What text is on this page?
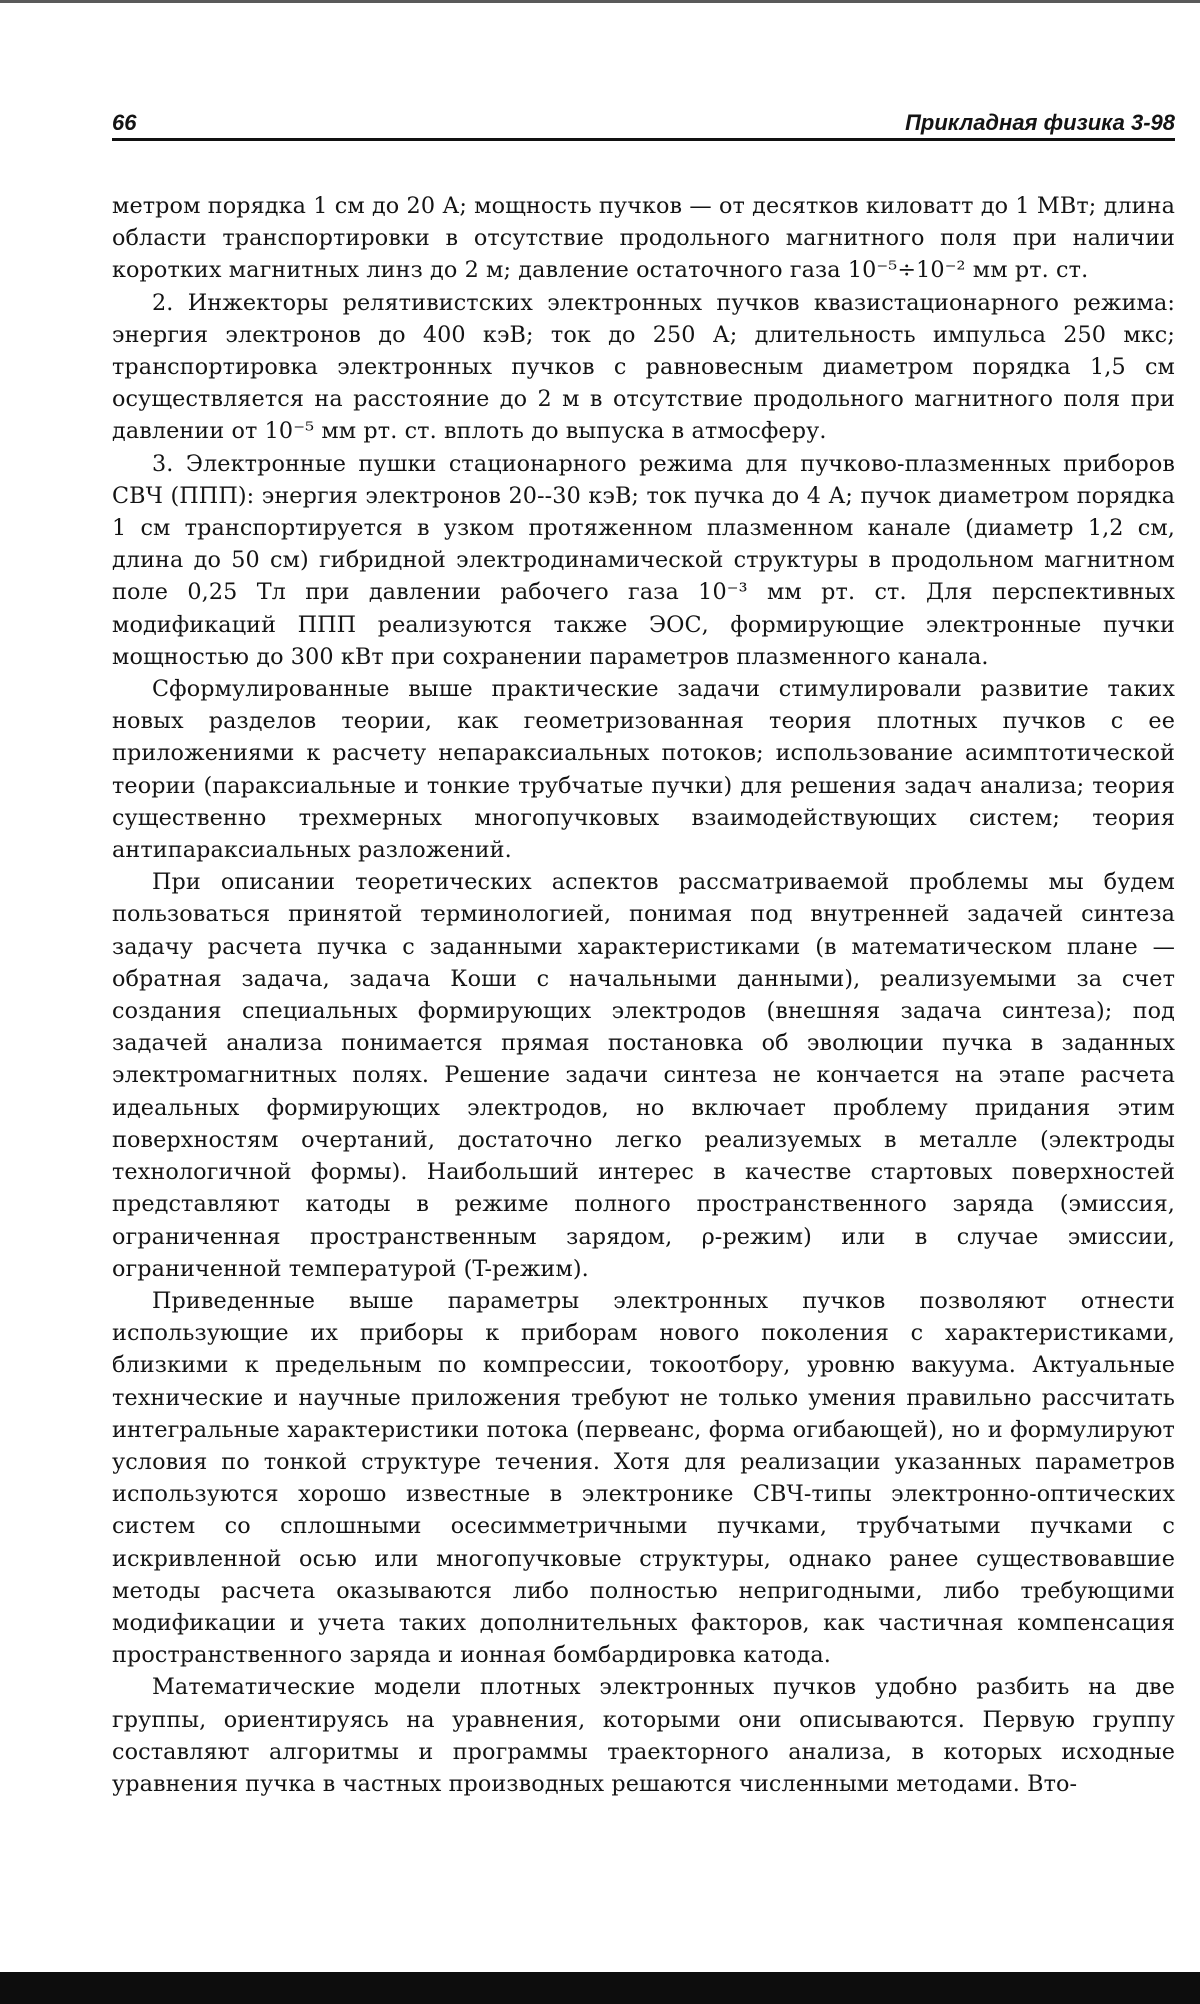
66	Прикладная физика 3-98

метром порядка 1 см до 20 А; мощность пучков — от десятков киловатт до 1 МВт; длина области транспортировки в отсутствие продольного магнитного поля при наличии коротких магнитных линз до 2 м; давление остаточного газа 10⁻⁵÷10⁻² мм рт. ст.

2. Инжекторы релятивистских электронных пучков квазистационарного режима: энергия электронов до 400 кэВ; ток до 250 А; длительность импульса 250 мкс; транспортировка электронных пучков с равновесным диаметром порядка 1,5 см осуществляется на расстояние до 2 м в отсутствие продольного магнитного поля при давлении от 10⁻⁵ мм рт. ст. вплоть до выпуска в атмосферу.

3. Электронные пушки стационарного режима для пучково-плазменных приборов СВЧ (ППП): энергия электронов 20--30 кэВ; ток пучка до 4 А; пучок диаметром порядка 1 см транспортируется в узком протяженном плазменном канале (диаметр 1,2 см, длина до 50 см) гибридной электродинамической структуры в продольном магнитном поле 0,25 Тл при давлении рабочего газа 10⁻³ мм рт. ст. Для перспективных модификаций ППП реализуются также ЭОС, формирующие электронные пучки мощностью до 300 кВт при сохранении параметров плазменного канала.

Сформулированные выше практические задачи стимулировали развитие таких новых разделов теории, как геометризованная теория плотных пучков с ее приложениями к расчету непараксиальных потоков; использование асимптотической теории (параксиальные и тонкие трубчатые пучки) для решения задач анализа; теория существенно трехмерных многопучковых взаимодействующих систем; теория антипараксиальных разложений.

При описании теоретических аспектов рассматриваемой проблемы мы будем пользоваться принятой терминологией, понимая под внутренней задачей синтеза задачу расчета пучка с заданными характеристиками (в математическом плане — обратная задача, задача Коши с начальными данными), реализуемыми за счет создания специальных формирующих электродов (внешняя задача синтеза); под задачей анализа понимается прямая постановка об эволюции пучка в заданных электромагнитных полях. Решение задачи синтеза не кончается на этапе расчета идеальных формирующих электродов, но включает проблему придания этим поверхностям очертаний, достаточно легко реализуемых в металле (электроды технологичной формы). Наибольший интерес в качестве стартовых поверхностей представляют катоды в режиме полного пространственного заряда (эмиссия, ограниченная пространственным зарядом, ρ-режим) или в случае эмиссии, ограниченной температурой (T-режим).

Приведенные выше параметры электронных пучков позволяют отнести использующие их приборы к приборам нового поколения с характеристиками, близкими к предельным по компрессии, токоотбору, уровню вакуума. Актуальные технические и научные приложения требуют не только умения правильно рассчитать интегральные характеристики потока (первеанс, форма огибающей), но и формулируют условия по тонкой структуре течения. Хотя для реализации указанных параметров используются хорошо известные в электронике СВЧ-типы электронно-оптических систем со сплошными осесимметричными пучками, трубчатыми пучками с искривленной осью или многопучковые структуры, однако ранее существовавшие методы расчета оказываются либо полностью непригодными, либо требующими модификации и учета таких дополнительных факторов, как частичная компенсация пространственного заряда и ионная бомбардировка катода.

Математические модели плотных электронных пучков удобно разбить на две группы, ориентируясь на уравнения, которыми они описываются. Первую группу составляют алгоритмы и программы траекторного анализа, в которых исходные уравнения пучка в частных производных решаются численными методами. Вто-
